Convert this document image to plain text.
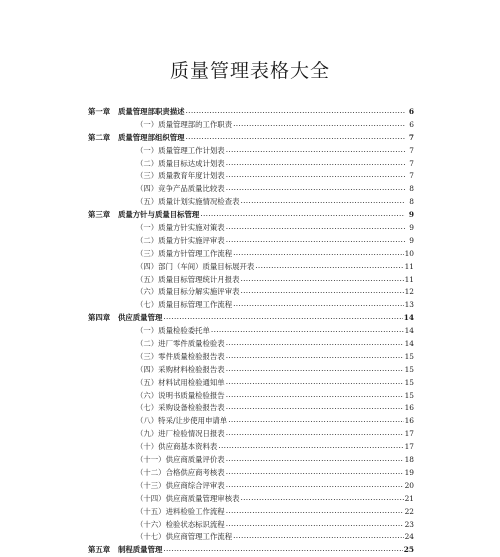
质量管理表格大全
第一章	质量管理部职责描述 .....	6
（一）质量管理部的工作职责 .....	6
第二章	质量管理部组织管理 .....	7
（一）质量管理工作计划表 .....	7
（二）质量目标达成计划表 .....	7
（三）质量教育年度计划表 .....	7
（四）竞争产品质量比较表 .....	8
（五）质量计划实施情况检查表 .....	8
第三章	质量方针与质量目标管理 .....	9
（一）质量方针实施对策表 .....	9
（二）质量方针实施评审表 .....	9
（三）质量方针管理工作流程 .....	10
（四）部门（车间）质量目标展开表 .....	11
（五）质量目标管理统计月报表 .....	11
（六）质量目标分解实施评审表 .....	12
（七）质量目标管理工作流程 .....	13
第四章	供应质量管理 .....	14
（一）质量检验委托单 .....	14
（二）进厂零件质量检验表 .....	14
（三）零件质量检验报告表 .....	15
（四）采购材料检验报告表 .....	15
（五）材料试用检验通知单 .....	15
（六）说明书质量检验报告 .....	15
（七）采购设备检验报告表 .....	16
（八）特采/让步使用申请单 .....	16
（九）进厂检验情况日报表 .....	17
（十）供应商基本资料表 .....	17
（十一）供应商质量评价表 .....	18
（十二）合格供应商考核表 .....	19
（十三）供应商综合评审表 .....	20
（十四）供应商质量管理审核表 .....	21
（十五）进料检验工作流程 .....	22
（十六）检验状态标识流程 .....	23
（十七）供应商管理工作流程 .....	24
第五章	制程质量管理 .....	25
